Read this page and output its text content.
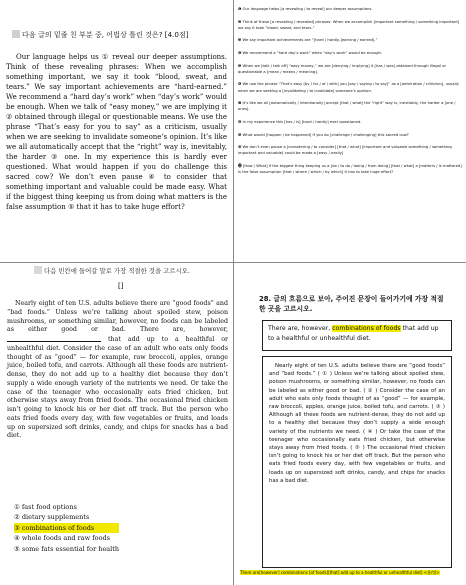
다음 글의 밑줄 친 부분 중, 어법상 틀린 것은? [4.0점]
Our language helps us ① reveal our deeper assumptions. Think of these revealing phrases: When we accomplish something important, we say it took “blood, sweat, and tears.” We say important achievements are “hard-earned.” We recommend a “hard day’s work” when “day’s work” would be enough. When we talk of “easy money,” we are implying it ② obtained through illegal or questionable means. We use the phrase “That’s easy for you to say” as a criticism, usually when we are seeking to invalidate someone’s opinion. It’s like we all automatically accept that the “right” way is, inevitably, the harder ③ one. In my experience this is hardly ever questioned. What would happen if you do challenge this sacred cow? We don’t even pause ④ to consider that something important and valuable could be made easy. What if the biggest thing keeping us from doing what matters is the false assumption ⑤ that it has to take huge effort?

❶ Our language helps [a revealing / to reveal] our deeper assumptions.

❷ Think of these [a revealing / revealed] phrases: When we accomplish [important something / something important] we say it took “blood, sweat, and tears.”

❸ We say important achievements are “[hard / hardly-]earning / earned].”

❹ We recommend a “hard day’s work” when “day’s work” would be enough.

❺ When we [talk / talk off] “easy money,” we are [denying / implying] it [has / was] obtained through illegal or questionable a [mean / means / meaning].

❻ We use the phrase “That’s easy [by / for / of / with] you [say / saying / to say]” as a [admiration / criticism], usually when we are seeking a [invalidating / to invalidate] someone’s opinion.

❼ It’s like we all [automatically / intentionally] accept [that / what] the “right” way is, inevitably, the harder a [one / ones].

❽ In my experience this [has / is] [hard / hardly] ever questioned.

❾ What would [happen / be happened] if you do [challenge / challenging] this sacred cow?

❿ We don’t even pause a [considering / to consider] [that / what] [important and valuable something / something important and valuable] could be made a [easy / easily]

⓫ [How / What] if the biggest thing keeping us a [do / to do / doing / from doing] [that / what] a [matters / is mattered] is the false assumption [that / where / which / by which] it has to take huge effort?

다음 빈칸에 들어갈 말로 가장 적절한 것을 고르시오.
[]
Nearly eight of ten U.S. adults believe there are “good foods” and “bad foods.” Unless we’re talking about spoiled stew, poison mushrooms, or something similar, however, no foods can be labeled as either good or bad. There are, however,  that add up to a healthful or unhealthful diet. Consider the case of an adult who eats only foods thought of as “good” — for example, raw broccoli, apples, orange juice, boiled tofu, and carrots. Although all these foods are nutrient-dense, they do not add up to a healthy diet because they don’t supply a wide enough variety of the nutrients we need. Or take the case of the teenager who occasionally eats fried chicken, but otherwise stays away from fried foods. The occasional fried chicken isn’t going to knock his or her diet off track. But the person who eats fried foods every day, with few vegetables or fruits, and loads up on supersized soft drinks, candy, and chips for snacks has a bad diet.
① fast food options
② dietary supplements
③ combinations of foods
④ whole foods and raw foods
⑤ some fats essential for health
28. 글의 흐름으로 보아, 주어진 문장이 들어가기에 가장 적절한 곳을 고르시오.
There are, however, combinations of foods that add up to a healthful or unhealthful diet.
Nearly eight of ten U.S. adults believe there are “good foods” and “bad foods.” ( ① ) Unless we’re talking about spoiled stew, poison mushrooms, or something similar, however, no foods can be labeled as either good or bad. ( ② ) Consider the case of an adult who eats only foods thought of as “good” — for example, raw broccoli, apples, orange juice, boiled tofu, and carrots. ( ③ ) Although all these foods are nutrient-dense, they do not add up to a healthy diet because they don’t supply a wide enough variety of the nutrients we need. ( ④ ) Or take the case of the teenager who occasionally eats fried chicken, but otherwise stays away from fried foods. ( ⑤ ) The occasional fried chicken isn’t going to knock his or her diet off track. But the person who eats fried foods every day, with few vegetables or fruits, and loads up on supersized soft drinks, candy, and chips for snacks has a bad diet.
There are[however] combinations [of foods][that] add up to a healthful or unhealthful diet] <용/법>
